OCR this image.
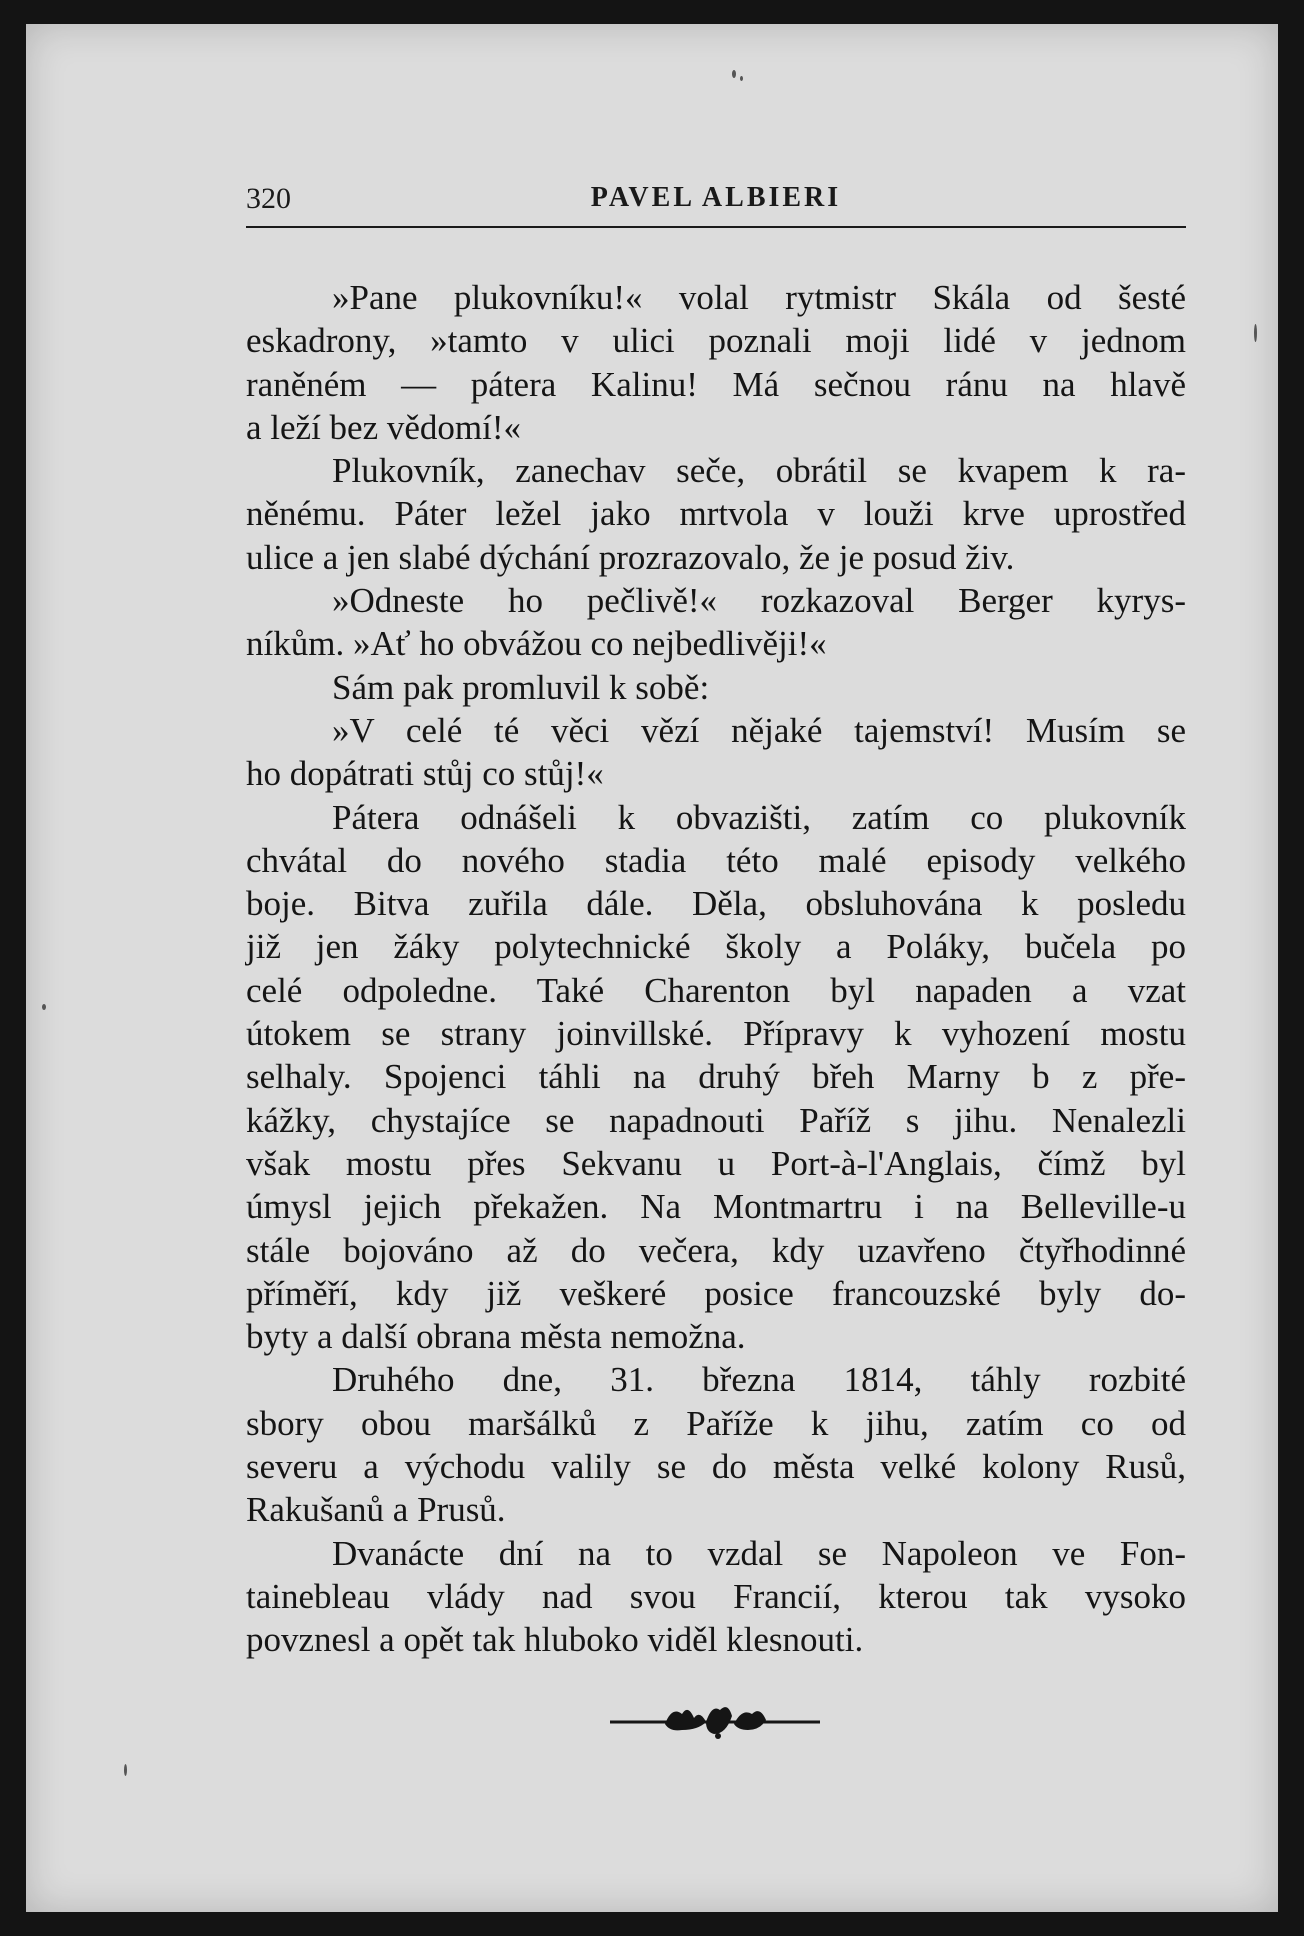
320	PAVEL ALBIERI

»Pane plukovníku!« volal rytmistr Skála od šesté
eskadrony, »tamto v ulici poznali moji lidé v jednom
raněném — pátera Kalinu! Má sečnou ránu na hlavě
a leží bez vědomí!«

Plukovník, zanechav seče, obrátil se kvapem k ra-
něnému. Páter ležel jako mrtvola v louži krve uprostřed
ulice a jen slabé dýchání prozrazovalo, že je posud živ.

»Odneste ho pečlivě!« rozkazoval Berger kyrys-
níkům. »Ať ho obvážou co nejbedlivěji!«

Sám pak promluvil k sobě:

»V celé té věci vězí nějaké tajemství! Musím se
ho dopátrati stůj co stůj!«

Pátera odnášeli k obvazišti, zatím co plukovník
chvátal do nového stadia této malé episody velkého
boje. Bitva zuřila dále. Děla, obsluhována k posledu
již jen žáky polytechnické školy a Poláky, bučela po
celé odpoledne. Také Charenton byl napaden a vzat
útokem se strany joinvillské. Přípravy k vyhození mostu
selhaly. Spojenci táhli na druhý břeh Marny b z pře-
kážky, chystajíce se napadnouti Paříž s jihu. Nenalezli
však mostu přes Sekvanu u Port-à-l'Anglais, čímž byl
úmysl jejich překažen. Na Montmartru i na Belleville-u
stále bojováno až do večera, kdy uzavřeno čtyřhodinné
příměří, kdy již veškeré posice francouzské byly do-
byty a další obrana města nemožna.

Druhého dne, 31. března 1814, táhly rozbité
sbory obou maršálků z Paříže k jihu, zatím co od
severu a východu valily se do města velké kolony Rusů,
Rakušanů a Prusů.

Dvanácte dní na to vzdal se Napoleon ve Fon-
tainebleau vlády nad svou Francií, kterou tak vysoko
povznesl a opět tak hluboko viděl klesnouti.
